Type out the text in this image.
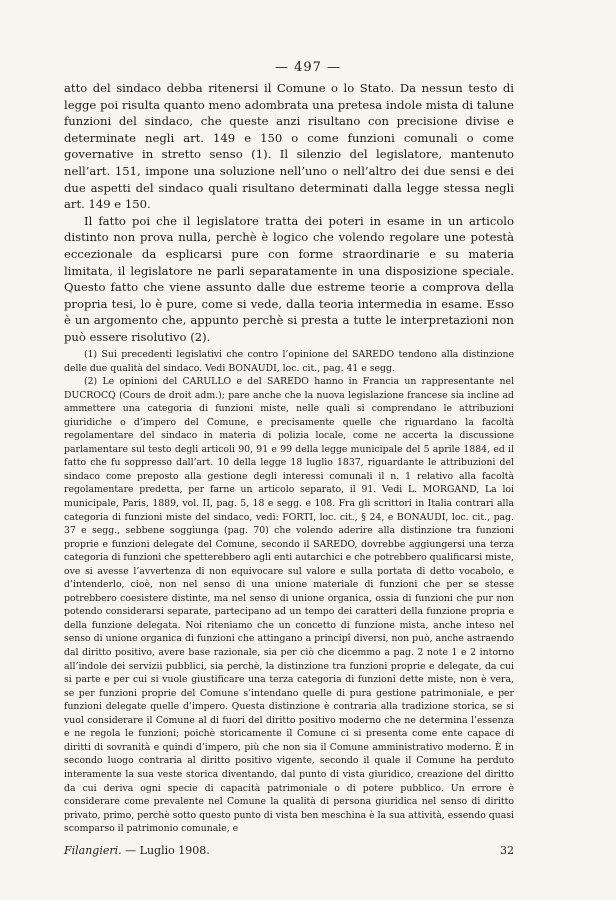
— 497 —

atto del sindaco debba ritenersi il Comune o lo Stato. Da nessun testo di legge poi risulta quanto meno adombrata una pretesa indole mista di talune funzioni del sindaco, che queste anzi risultano con precisione divise e determinate negli art. 149 e 150 o come funzioni comunali o come governative in stretto senso (1). Il silenzio del legislatore, mantenuto nell’art. 151, impone una soluzione nell’uno o nell’altro dei due sensi e dei due aspetti del sindaco quali risultano determinati dalla legge stessa negli art. 149 e 150.

Il fatto poi che il legislatore tratta dei poteri in esame in un articolo distinto non prova nulla, perchè è logico che volendo regolare une potestà eccezionale da esplicarsi pure con forme straordinarie e su materia limitata, il legislatore ne parli separatamente in una disposizione speciale. Questo fatto che viene assunto dalle due estreme teorie a comprova della propria tesi, lo è pure, come si vede, dalla teoria intermedia in esame. Esso è un argomento che, appunto perchè si presta a tutte le interpretazioni non può essere risolutivo (2).

(1) Sui precedenti legislativi che contro l’opinione del SAREDO tendono alla distinzione delle due qualità del sindaco. Vedi BONAUDI, loc. cit., pag. 41 e segg.

(2) Le opinioni del CARULLO e del SAREDO hanno in Francia un rappresentante nel DUCROCQ (Cours de droit adm.); pare anche che la nuova legislazione francese sia incline ad ammettere una categoria di funzioni miste, nelle quali si comprendano le attribuzioni giuridiche o d’impero del Comune, e precisamente quelle che riguardano la facoltà regolamentare del sindaco in materia di polizia locale, come ne accerta la discussione parlamentare sul testo degli articoli 90, 91 e 99 della legge municipale del 5 aprile 1884, ed il fatto che fu soppresso dall’art. 10 della legge 18 luglio 1837, riguardante le attribuzioni del sindaco come preposto alla gestione degli interessi comunali il n. 1 relativo alla facoltà regolamentare predetta, per farne un articolo separato, il 91. Vedi L. MORGAND, La loi municipale, Paris, 1889, vol. II, pag. 5, 18 e segg. e 108. Fra gli scrittori in Italia contrari alla categoria di funzioni miste del sindaco, vedi: FORTI, loc. cit., § 24, e BONAUDI, loc. cit., pag. 37 e segg., sebbene soggiunga (pag. 70) che volendo aderire alla distinzione tra funzioni proprie e funzioni delegate del Comune, secondo il SAREDO, dovrebbe aggiungersi una terza categoria di funzioni che spetterebbero agli enti autarchici e che potrebbero qualificarsi miste, ove si avesse l’avvertenza di non equivocare sul valore e sulla portata di detto vocabolo, e d’intenderlo, cioè, non nel senso di una unione materiale di funzioni che per se stesse potrebbero coesistere distinte, ma nel senso di unione organica, ossia di funzioni che pur non potendo considerarsi separate, partecipano ad un tempo dei caratteri della funzione propria e della funzione delegata. Noi riteniamo che un concetto di funzione mista, anche inteso nel senso di unione organica di funzioni che attingano a principî diversi, non può, anche astraendo dal diritto positivo, avere base razionale, sia per ciò che dicemmo a pag. 2 note 1 e 2 intorno all’indole dei servizii pubblici, sia perchè, la distinzione tra funzioni proprie e delegate, da cui si parte e per cui si vuole giustificare una terza categoria di funzioni dette miste, non è vera, se per funzioni proprie del Comune s’intendano quelle di pura gestione patrimoniale, e per funzioni delegate quelle d’impero. Questa distinzione è contraria alla tradizione storica, se si vuol considerare il Comune al di fuori del diritto positivo moderno che ne determina l’essenza e ne regola le funzioni; poichè storicamente il Comune ci si presenta come ente capace di diritti di sovranità e quindi d’impero, più che non sia il Comune amministrativo moderno. È in secondo luogo contraria al diritto positivo vigente, secondo il quale il Comune ha perduto interamente la sua veste storica diventando, dal punto di vista giuridico, creazione del diritto da cui deriva ogni specie di capacità patrimoniale o di potere pubblico. Un errore è considerare come prevalente nel Comune la qualità di persona giuridica nel senso di diritto privato, primo, perchè sotto questo punto di vista ben meschina è la sua attività, essendo quasi scomparso il patrimonio comunale, e

Filangieri. — Luglio 1908.	32
